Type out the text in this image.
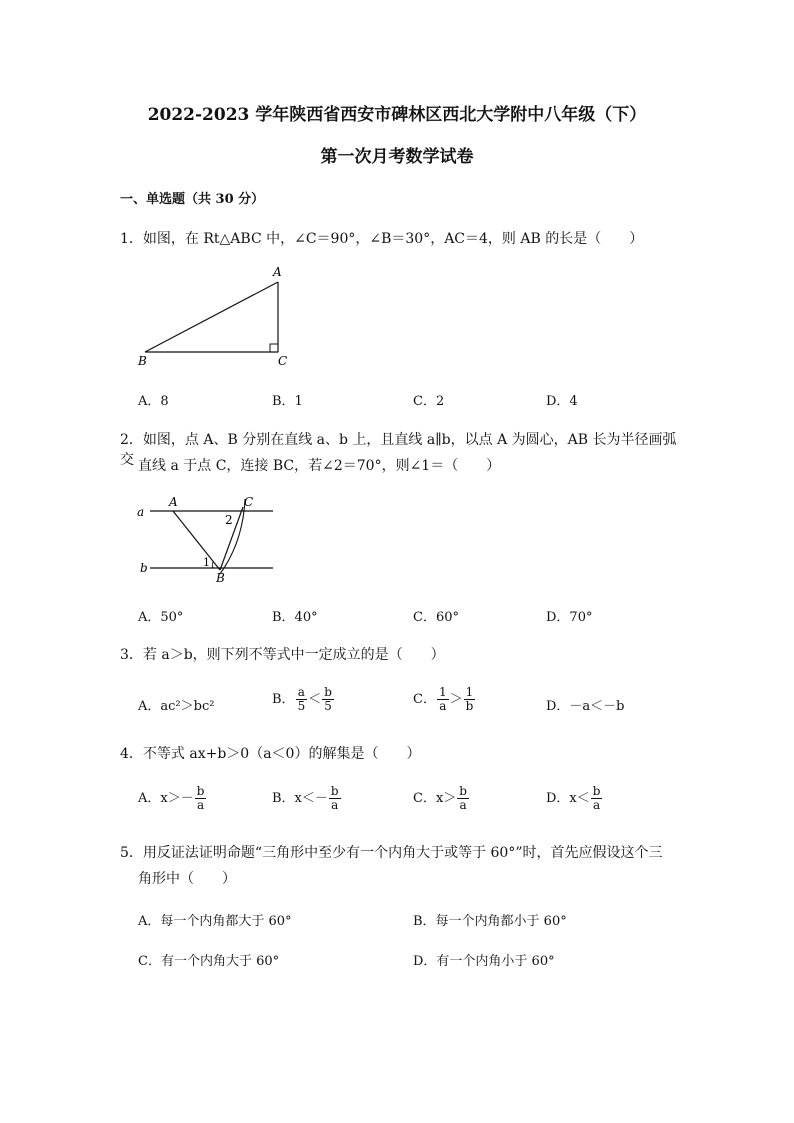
2022-2023 学年陕西省西安市碑林区西北大学附中八年级（下）
第一次月考数学试卷
一、单选题（共 30 分）
1．如图，在 Rt△ABC 中，∠C＝90°，∠B＝30°，AC＝4，则 AB 的长是（　　）
A
B	C
A．8	B．1	C．2	D．4
2．如图，点 A、B 分别在直线 a、b 上，且直线 a∥b，以点 A 为圆心，AB 长为半径画弧交 直线 a 于点 C，连接 BC，若∠2＝70°，则∠1＝（　　）
a
b
A	C
B
1
2
A．50°	B．40°	C．60°	D．70°
3．若 a＞b，则下列不等式中一定成立的是（　　）
A．ac²＞bc²	B． $\frac{a}{5} < \frac{b}{5}$	C． $\frac{1}{a} > \frac{1}{b}$	D．－a＜－b
4．不等式 ax+b＞0（a＜0）的解集是（　　）
A．$x>- \frac{b}{a}$	B．$x<- \frac{b}{a}$	C．$x> \frac{b}{a}$	D．$x< \frac{b}{a}$
5．用反证法证明命题“三角形中至少有一个内角大于或等于 60°”时，首先应假设这个三
角形中（　　）
A．每一个内角都大于 60°	B．每一个内角都小于 60°
C．有一个内角大于 60°	D．有一个内角小于 60°
